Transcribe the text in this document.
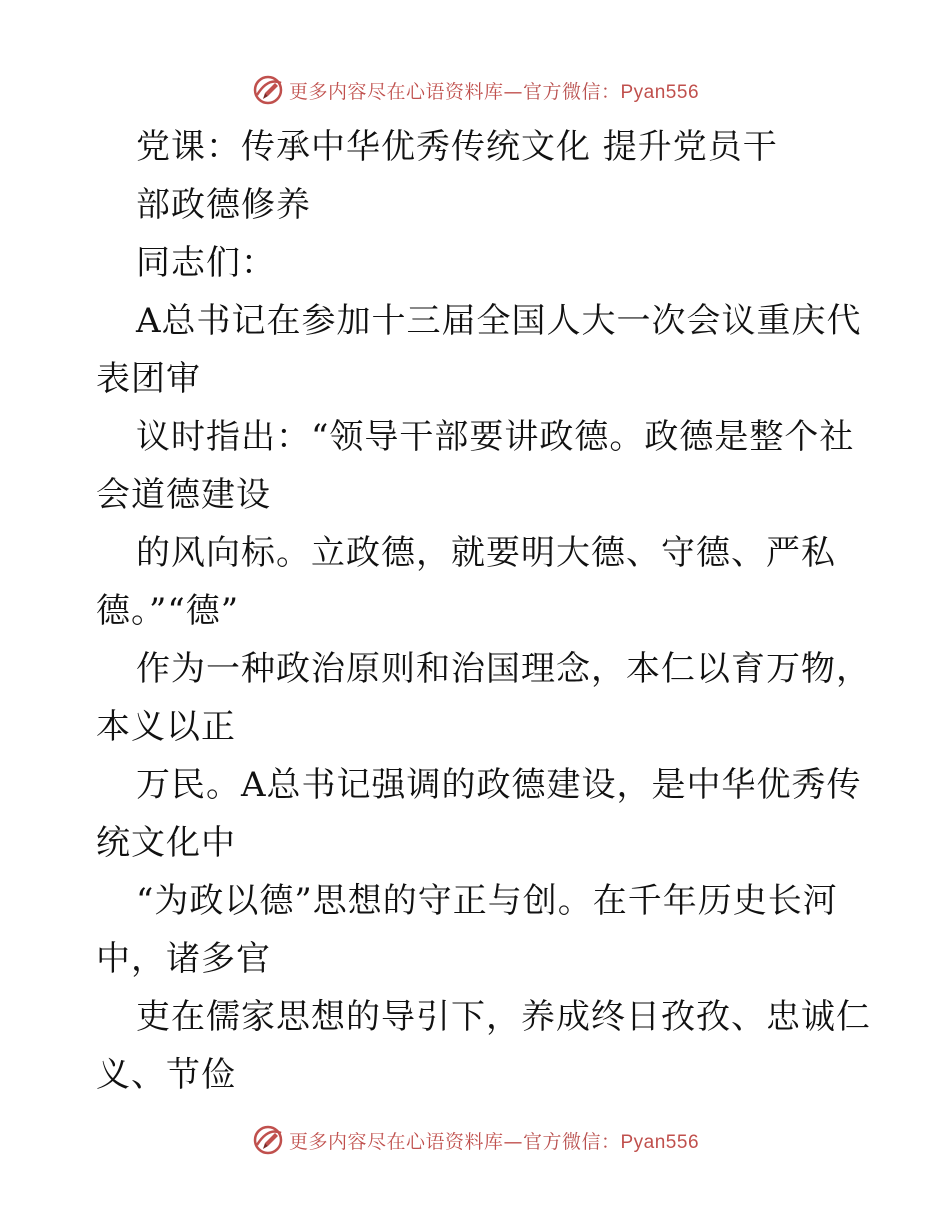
更多内容尽在心语资料库—官方微信：Pyan556
党课：传承中华优秀传统文化 提升党员干
部政德修养
同志们：
A总书记在参加十三届全国人大一次会议重庆代
表团审
议时指出：“领导干部要讲政德。政德是整个社
会道德建设
的风向标。立政德，就要明大德、守德、严私
德。”“德”
作为一种政治原则和治国理念，本仁以育万物，
本义以正
万民。A总书记强调的政德建设，是中华优秀传
统文化中
“为政以德”思想的守正与创。在千年历史长河
中，诸多官
吏在儒家思想的导引下，养成终日孜孜、忠诚仁
义、节俭
更多内容尽在心语资料库—官方微信：Pyan556
